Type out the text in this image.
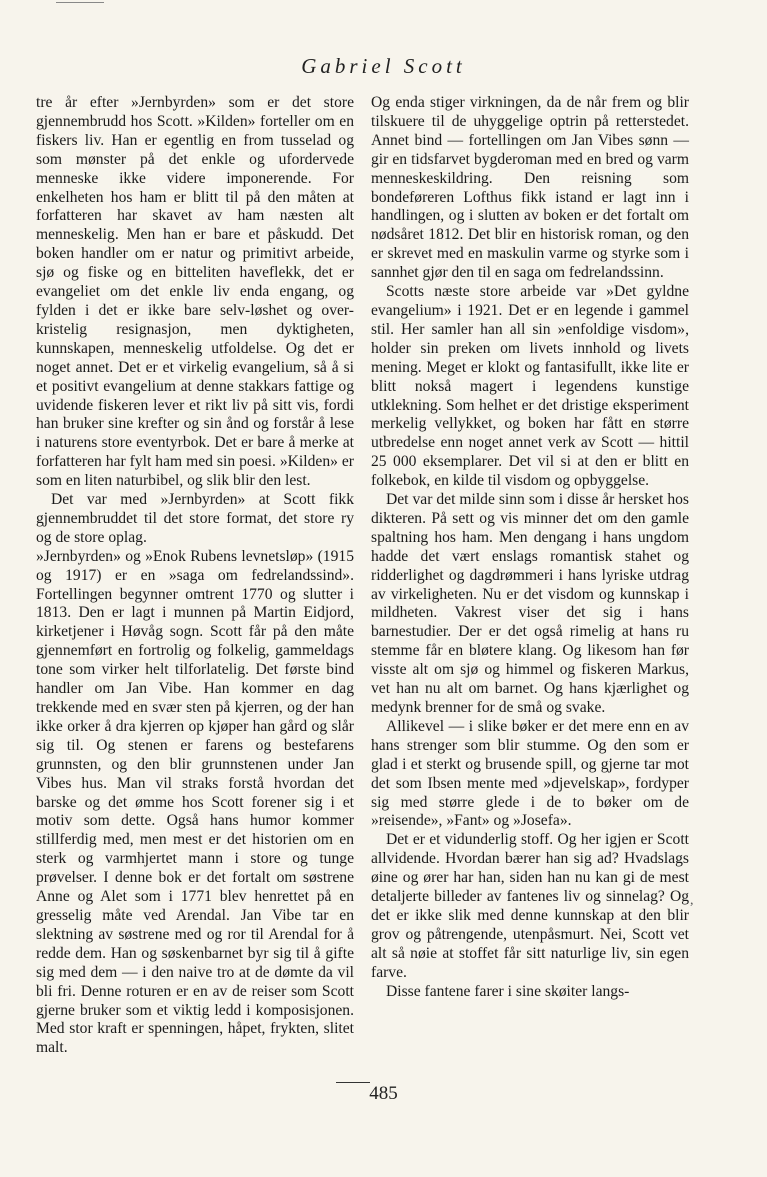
Gabriel Scott

tre år efter »Jernbyrden» som er det store gjennembrudd hos Scott. »Kilden» forteller om en fiskers liv. Han er egentlig en from tusselad og som mønster på det enkle og ufordervede menneske ikke videre imponerende. For enkelheten hos ham er blitt til på den måten at forfatteren har skavet av ham næsten alt menneskelig. Men han er bare et påskudd. Det boken handler om er natur og primitivt arbeide, sjø og fiske og en bitteliten haveflekk, det er evangeliet om det enkle liv enda engang, og fylden i det er ikke bare selv-løshet og over-kristelig resignasjon, men dyktigheten, kunnskapen, menneskelig utfoldelse. Og det er noget annet. Det er et virkelig evangelium, så å si et positivt evangelium at denne stakkars fattige og uvidende fiskeren lever et rikt liv på sitt vis, fordi han bruker sine krefter og sin ånd og forstår å lese i naturens store eventyrbok. Det er bare å merke at forfatteren har fylt ham med sin poesi. »Kilden» er som en liten naturbibel, og slik blir den lest.

Det var med »Jernbyrden» at Scott fikk gjennembruddet til det store format, det store ry og de store oplag.

»Jernbyrden» og »Enok Rubens levnetsløp» (1915 og 1917) er en »saga om fedrelandssind». Fortellingen begynner omtrent 1770 og slutter i 1813. Den er lagt i munnen på Martin Eidjord, kirketjener i Høvåg sogn. Scott får på den måte gjennemført en fortrolig og folkelig, gammeldags tone som virker helt tilforlatelig. Det første bind handler om Jan Vibe. Han kommer en dag trekkende med en svær sten på kjerren, og der han ikke orker å dra kjerren op kjøper han gård og slår sig til. Og stenen er farens og bestefarens grunnsten, og den blir grunnstenen under Jan Vibes hus. Man vil straks forstå hvordan det barske og det ømme hos Scott forener sig i et motiv som dette. Også hans humor kommer stillferdig med, men mest er det historien om en sterk og varmhjertet mann i store og tunge prøvelser. I denne bok er det fortalt om søstrene Anne og Alet som i 1771 blev henrettet på en gresselig måte ved Arendal. Jan Vibe tar en slektning av søstrene med og ror til Arendal for å redde dem. Han og søskenbarnet byr sig til å gifte sig med dem — i den naive tro at de dømte da vil bli fri. Denne roturen er en av de reiser som Scott gjerne bruker som et viktig ledd i komposisjonen. Med stor kraft er spenningen, håpet, frykten, slitet malt.

Og enda stiger virkningen, da de når frem og blir tilskuere til de uhyggelige optrin på retterstedet. Annet bind — fortellingen om Jan Vibes sønn — gir en tidsfarvet bygderoman med en bred og varm menneskeskildring. Den reisning som bondeføreren Lofthus fikk istand er lagt inn i handlingen, og i slutten av boken er det fortalt om nødsåret 1812. Det blir en historisk roman, og den er skrevet med en maskulin varme og styrke som i sannhet gjør den til en saga om fedrelandssinn.

Scotts næste store arbeide var »Det gyldne evangelium» i 1921. Det er en legende i gammel stil. Her samler han all sin »enfoldige visdom», holder sin preken om livets innhold og livets mening. Meget er klokt og fantasifullt, ikke lite er blitt nokså magert i legendens kunstige utklekning. Som helhet er det dristige eksperiment merkelig vellykket, og boken har fått en større utbredelse enn noget annet verk av Scott — hittil 25 000 eksemplarer. Det vil si at den er blitt en folkebok, en kilde til visdom og opbyggelse.

Det var det milde sinn som i disse år hersket hos dikteren. På sett og vis minner det om den gamle spaltning hos ham. Men dengang i hans ungdom hadde det vært enslags romantisk stahet og ridderlighet og dagdrømmeri i hans lyriske utdrag av virkeligheten. Nu er det visdom og kunnskap i mildheten. Vakrest viser det sig i hans barnestudier. Der er det også rimelig at hans ru stemme får en bløtere klang. Og likesom han før visste alt om sjø og himmel og fiskeren Markus, vet han nu alt om barnet. Og hans kjærlighet og medynk brenner for de små og svake.

Allikevel — i slike bøker er det mere enn en av hans strenger som blir stumme. Og den som er glad i et sterkt og brusende spill, og gjerne tar mot det som Ibsen mente med »djevelskap», fordyper sig med større glede i de to bøker om de »reisende», »Fant» og »Josefa».

Det er et vidunderlig stoff. Og her igjen er Scott allvidende. Hvordan bærer han sig ad? Hvadslags øine og ører har han, siden han nu kan gi de mest detaljerte billeder av fantenes liv og sinnelag? Og det er ikke slik med denne kunnskap at den blir grov og påtrengende, utenpåsmurt. Nei, Scott vet alt så nøie at stoffet får sitt naturlige liv, sin egen farve.

Disse fantene farer i sine skøiter langs-

,
485
